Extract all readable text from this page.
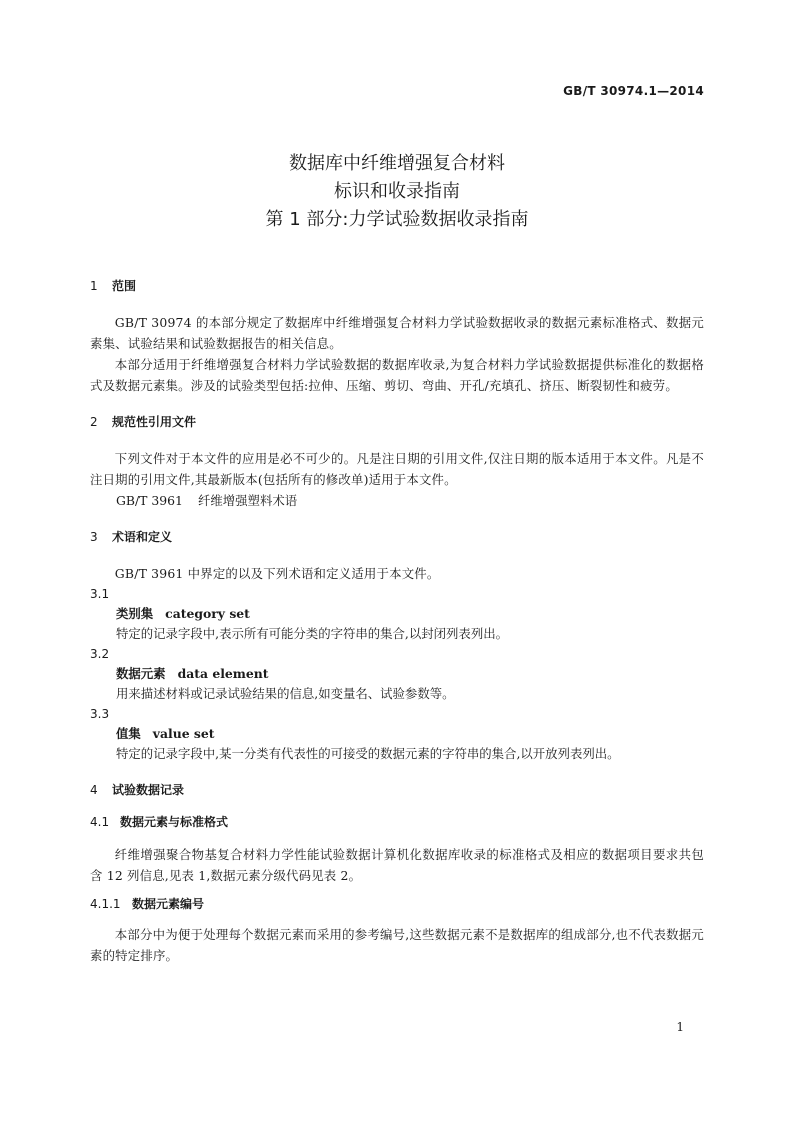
GB/T 30974.1—2014
数据库中纤维增强复合材料
标识和收录指南
第 1 部分:力学试验数据收录指南
1 范围
GB/T 30974 的本部分规定了数据库中纤维增强复合材料力学试验数据收录的数据元素标准格式、数据元素集、试验结果和试验数据报告的相关信息。
本部分适用于纤维增强复合材料力学试验数据的数据库收录,为复合材料力学试验数据提供标准化的数据格式及数据元素集。涉及的试验类型包括:拉伸、压缩、剪切、弯曲、开孔/充填孔、挤压、断裂韧性和疲劳。
2 规范性引用文件
下列文件对于本文件的应用是必不可少的。凡是注日期的引用文件,仅注日期的版本适用于本文件。凡是不注日期的引用文件,其最新版本(包括所有的修改单)适用于本文件。
GB/T 3961 纤维增强塑料术语
3 术语和定义
GB/T 3961 中界定的以及下列术语和定义适用于本文件。
3.1
类别集 category set
特定的记录字段中,表示所有可能分类的字符串的集合,以封闭列表列出。
3.2
数据元素 data element
用来描述材料或记录试验结果的信息,如变量名、试验参数等。
3.3
值集 value set
特定的记录字段中,某一分类有代表性的可接受的数据元素的字符串的集合,以开放列表列出。
4 试验数据记录
4.1 数据元素与标准格式
纤维增强聚合物基复合材料力学性能试验数据计算机化数据库收录的标准格式及相应的数据项目要求共包含 12 列信息,见表 1,数据元素分级代码见表 2。
4.1.1 数据元素编号
本部分中为便于处理每个数据元素而采用的参考编号,这些数据元素不是数据库的组成部分,也不代表数据元素的特定排序。
1
